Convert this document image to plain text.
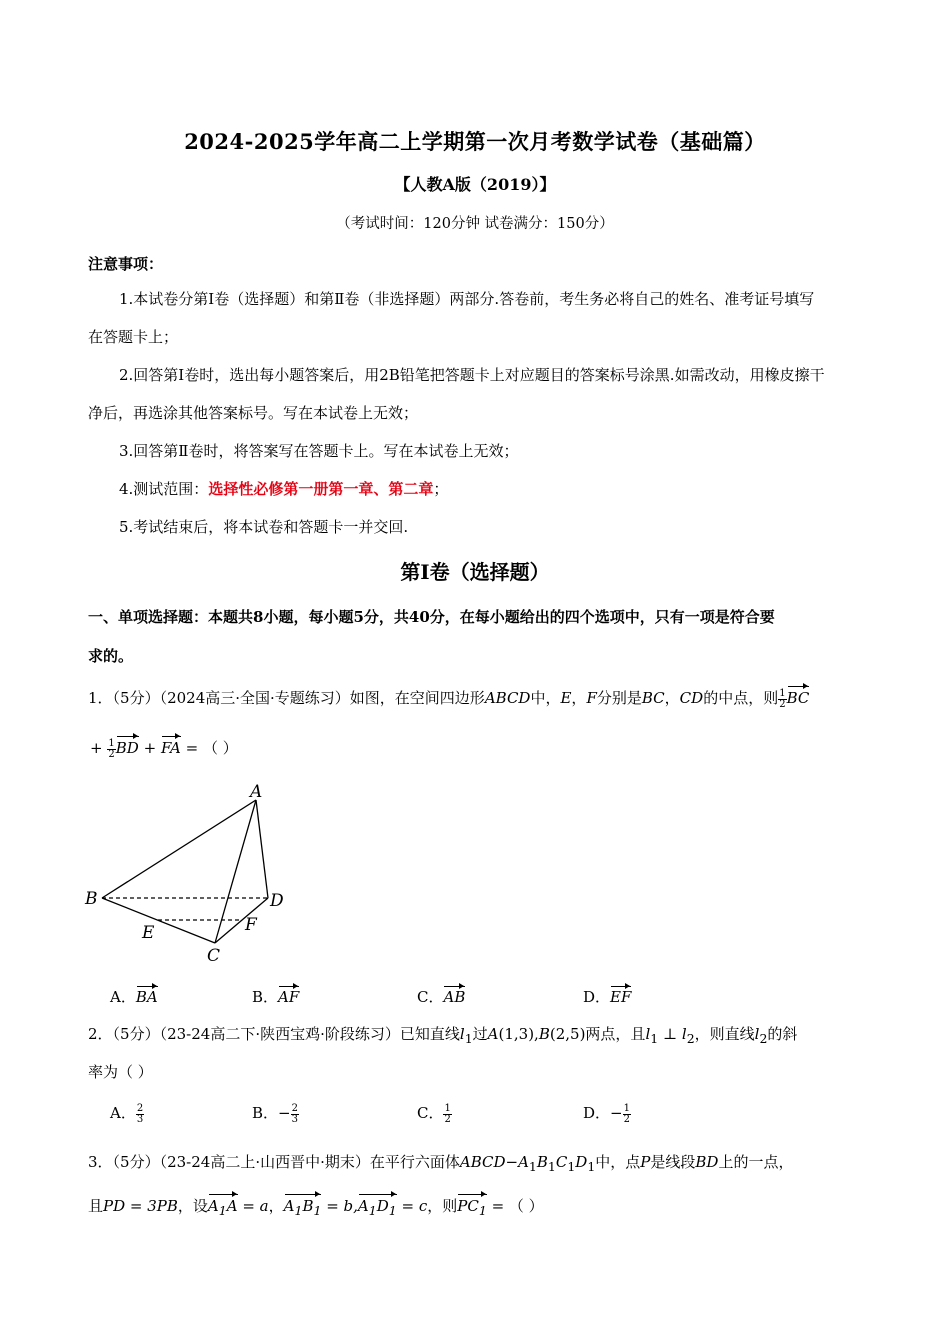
2024-2025学年高二上学期第一次月考数学试卷（基础篇）
【人教A版（2019）】
（考试时间：120分钟 试卷满分：150分）
注意事项：
1.本试卷分第Ⅰ卷（选择题）和第Ⅱ卷（非选择题）两部分.答卷前，考生务必将自己的姓名、准考证号填写
在答题卡上；
2.回答第Ⅰ卷时，选出每小题答案后，用2B铅笔把答题卡上对应题目的答案标号涂黑.如需改动，用橡皮擦干
净后，再选涂其他答案标号。写在本试卷上无效；
3.回答第Ⅱ卷时，将答案写在答题卡上。写在本试卷上无效；
4.测试范围：选择性必修第一册第一章、第二章；
5.考试结束后，将本试卷和答题卡一并交回.
第Ⅰ卷（选择题）
一、单项选择题：本题共8小题，每小题5分，共40分，在每小题给出的四个选项中，只有一项是符合要
求的。
1．（5分）（2024高三·全国·专题练习）如图，在空间四边形ABCD中，E，F分别是BC，CD的中点，则 $\frac{1}{2}$ BC
+ $\frac{1}{2}$ BD + FA = （ ）
A
B
C
D
E	F
A．BA	B．AF	C．AB	D．EF
2．（5分）（23-24高二下·陕西宝鸡·阶段练习）已知直线$l_1$过A(1,3),B(2,5)两点，且$l_1$ ⊥ $l_2$，则直线$l_2$的斜
率为（ ）
A． $\frac{2}{3}$	B．− $\frac{2}{3}$	C． $\frac{1}{2}$	D．− $\frac{1}{2}$
3．（5分）（23-24高二上·山西晋中·期末）在平行六面体$ABCD-A_1B_1C_1D_1$中，点P是线段BD上的一点，
且PD = 3PB，设$A_1A = a$，$A_1B_1 = b,A_1D_1 = c$，则$PC_1$ = （ ）
